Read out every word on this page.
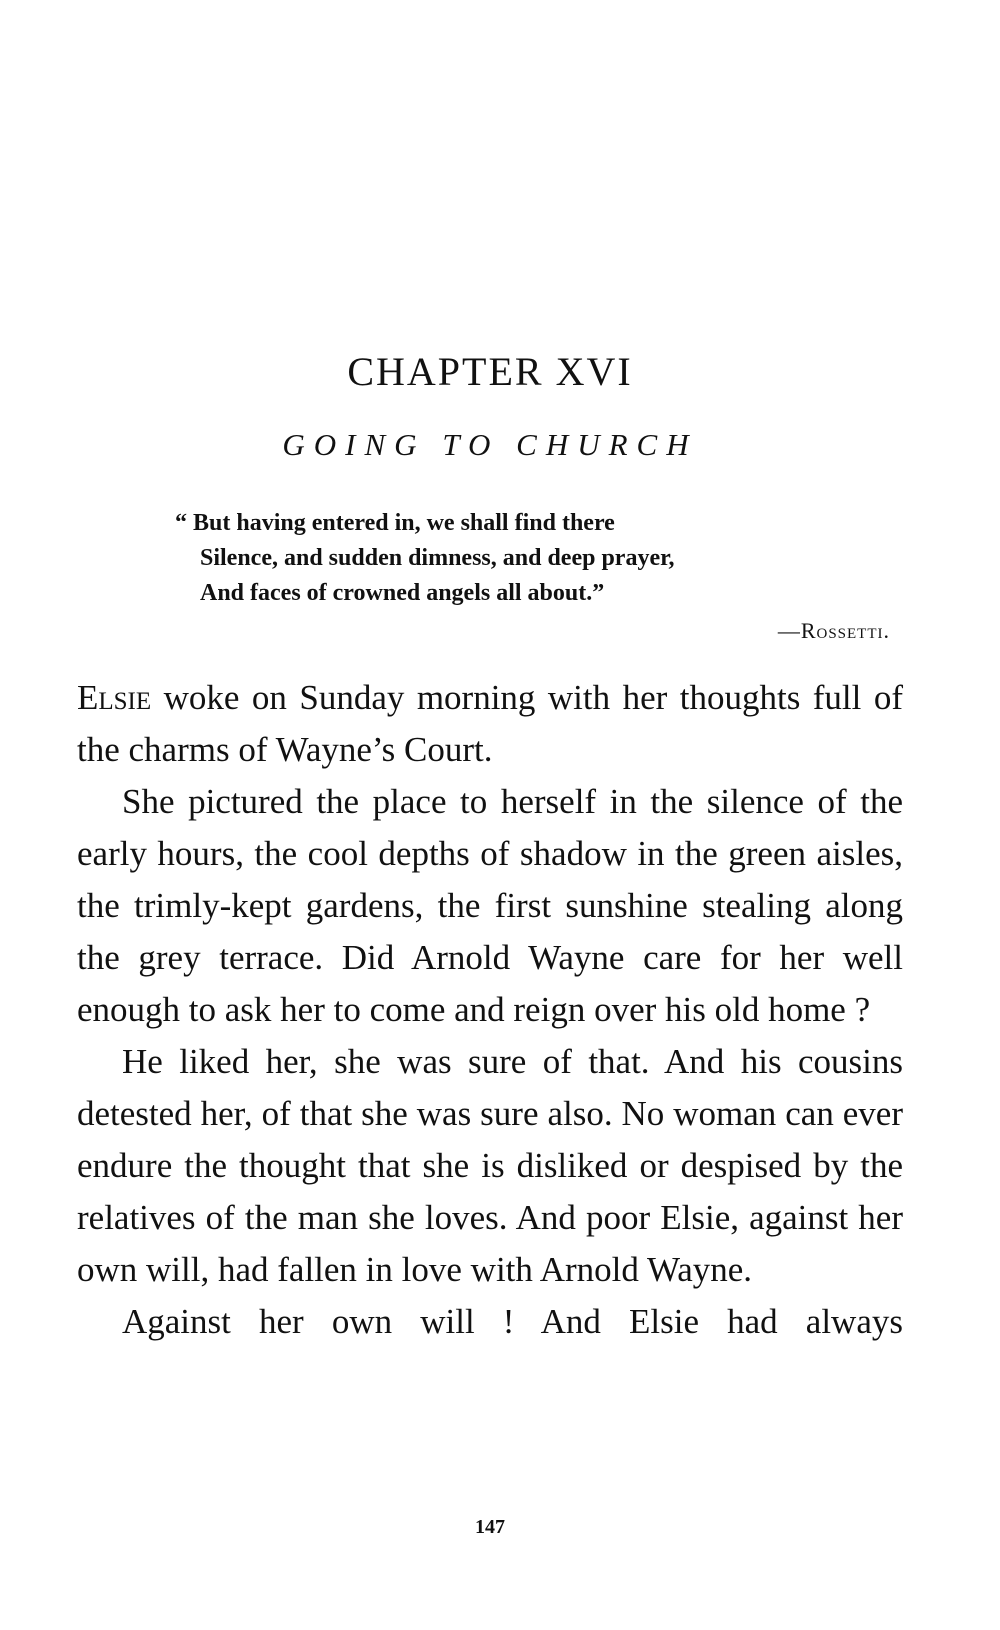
CHAPTER XVI
GOING TO CHURCH
“ But having entered in, we shall find there
Silence, and sudden dimness, and deep prayer,
And faces of crowned angels all about.”
—Rossetti.

Elsie woke on Sunday morning with her thoughts full of the charms of Wayne’s Court.

She pictured the place to herself in the silence of the early hours, the cool depths of shadow in the green aisles, the trimly-kept gardens, the first sunshine stealing along the grey terrace. Did Arnold Wayne care for her well enough to ask her to come and reign over his old home ?

He liked her, she was sure of that. And his cousins detested her, of that she was sure also. No woman can ever endure the thought that she is disliked or despised by the relatives of the man she loves. And poor Elsie, against her own will, had fallen in love with Arnold Wayne.

Against her own will ! And Elsie had always

147
